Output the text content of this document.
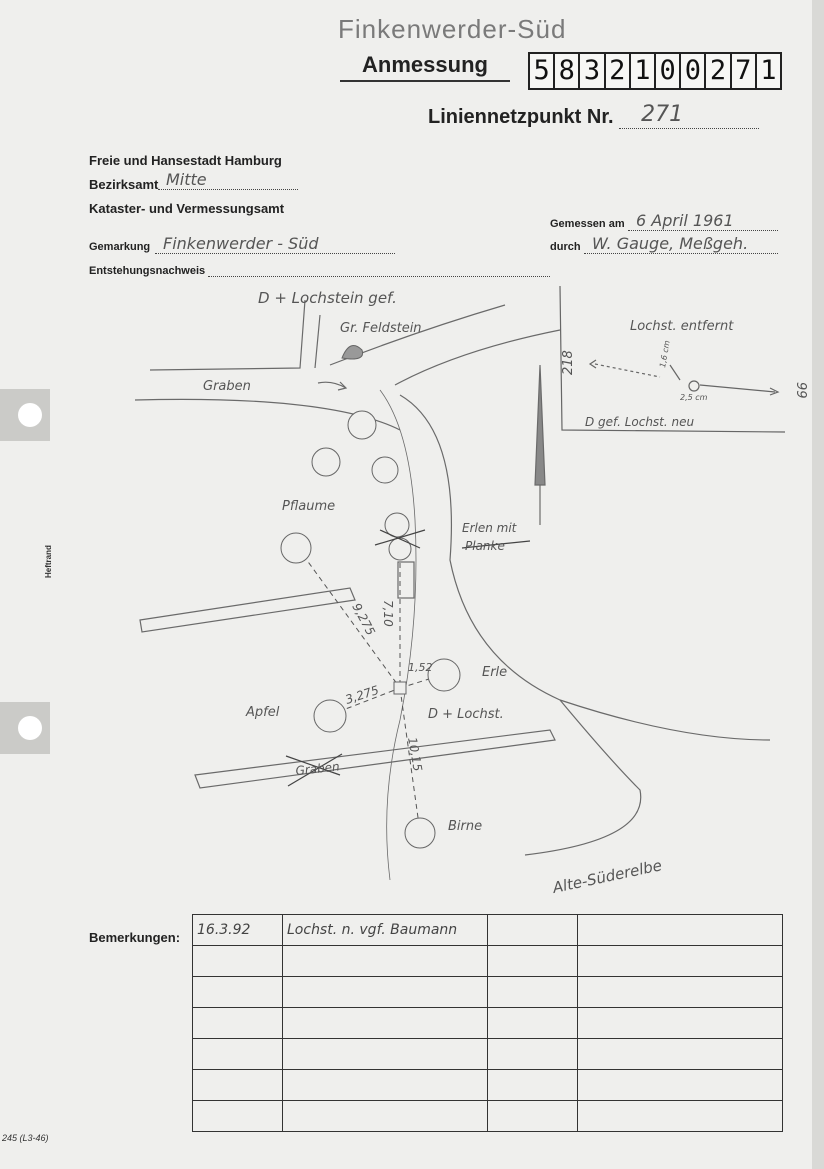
Finkenwerder-Süd
Anmessung	5 8 3 2 1 0 0 2 7 1
Liniennetzpunkt Nr. 271
Freie und Hansestadt Hamburg
Bezirksamt Mitte
Kataster- und Vermessungsamt
Gemarkung Finkenwerder - Süd
Entstehungsnachweis
Gemessen am 6 April 1961
durch W. Gauge, Meßgeh.
D + Lochstein gef.
Gr. Feldstein
Graben
Pflaume
Erlen mit
Planke
9,275 7,10
1,52
3,275
10,15
Erle
Apfel	D + Lochst.
Graben
Birne
Alte-Süderelbe
Lochst. entfernt
218
99
1,6 cm
2,5 cm
D gef. Lochst. neu
Heftrand
245 (L3-46)
Bemerkungen: 16.3.92	Lochst. n. vgf. Baumann		
